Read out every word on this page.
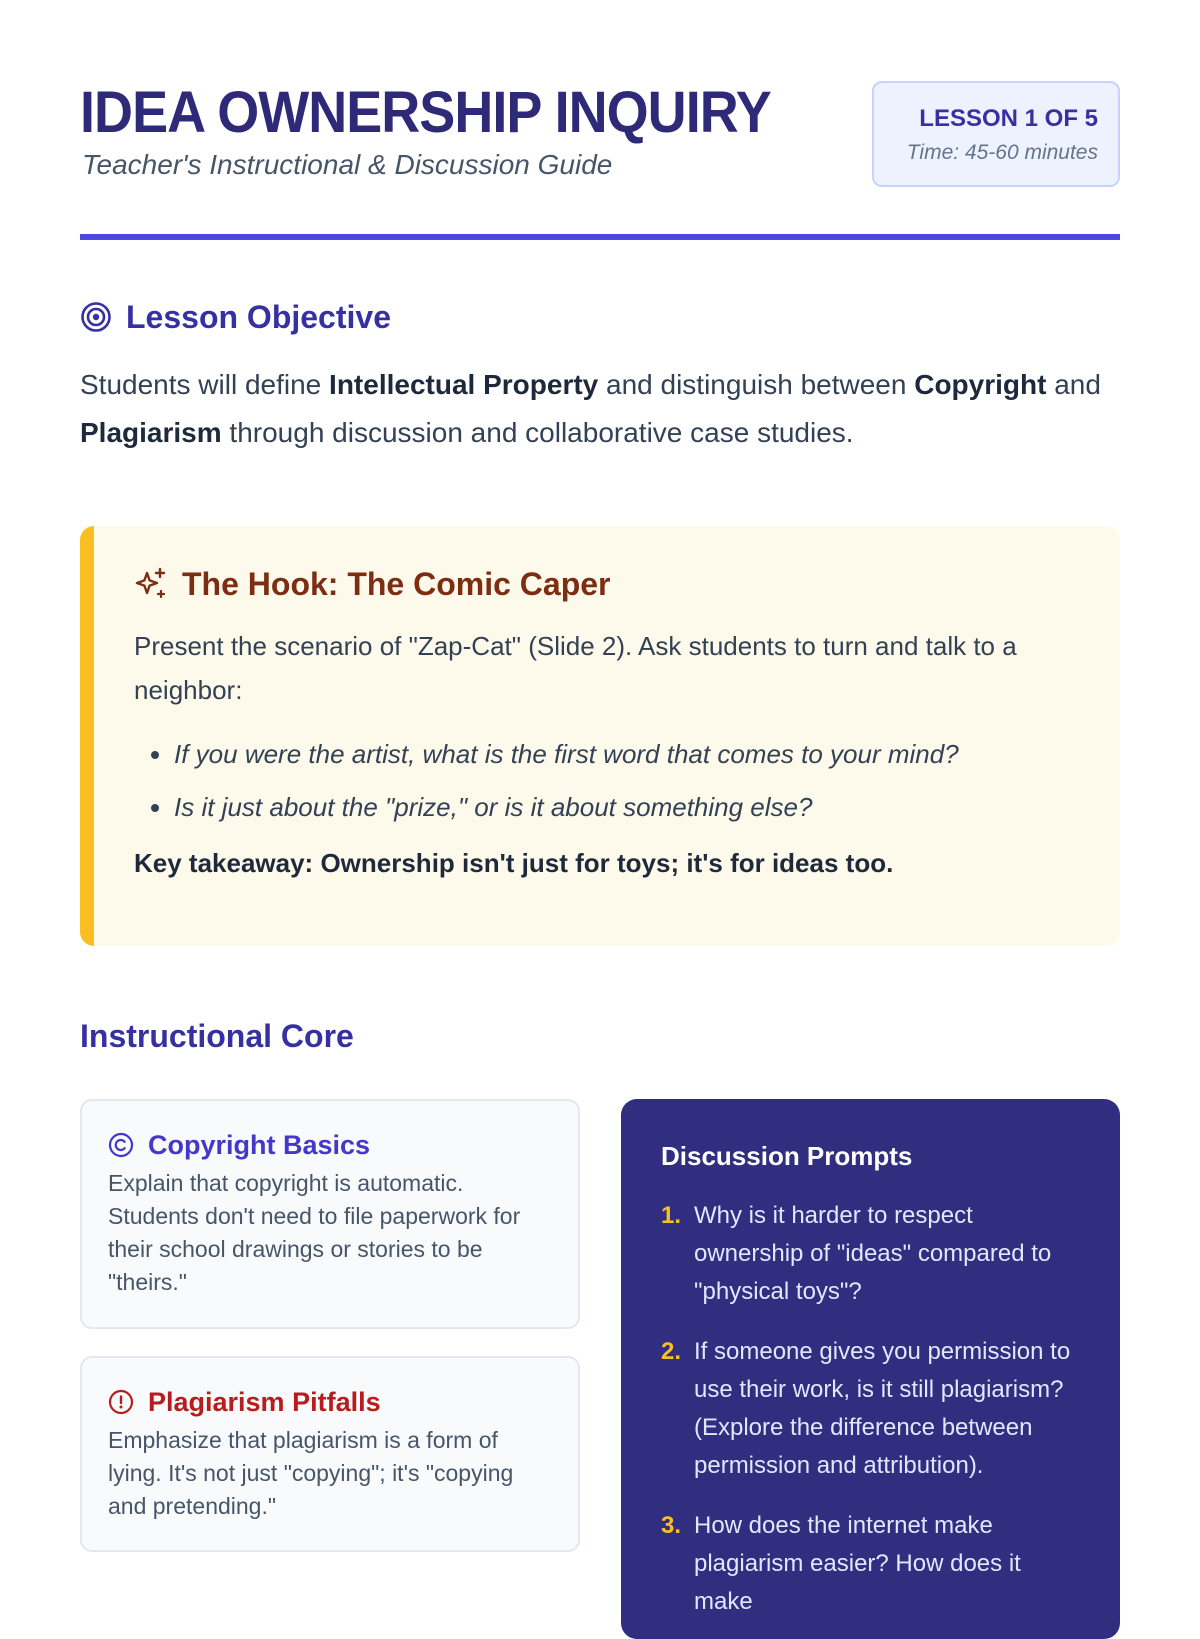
IDEA OWNERSHIP INQUIRY

Teacher's Instructional & Discussion Guide

LESSON 1 OF 5
Time: 45-60 minutes
Lesson Objective

Students will define Intellectual Property and distinguish between Copyright and Plagiarism through discussion and collaborative case studies.

The Hook: The Comic Caper

Present the scenario of "Zap-Cat" (Slide 2). Ask students to turn and talk to a neighbor:

• If you were the artist, what is the first word that comes to your mind?
• Is it just about the "prize," or is it about something else?

Key takeaway: Ownership isn't just for toys; it's for ideas too.

Instructional Core
Copyright Basics

Explain that copyright is automatic. Students don't need to file paperwork for their school drawings or stories to be "theirs."

Plagiarism Pitfalls

Emphasize that plagiarism is a form of lying. It's not just "copying"; it's "copying and pretending."

Discussion Prompts
1. Why is it harder to respect ownership of "ideas" compared to "physical toys"?
2. If someone gives you permission to use their work, is it still plagiarism? (Explore the difference between permission and attribution).
3. How does the internet make plagiarism easier? How does it make
